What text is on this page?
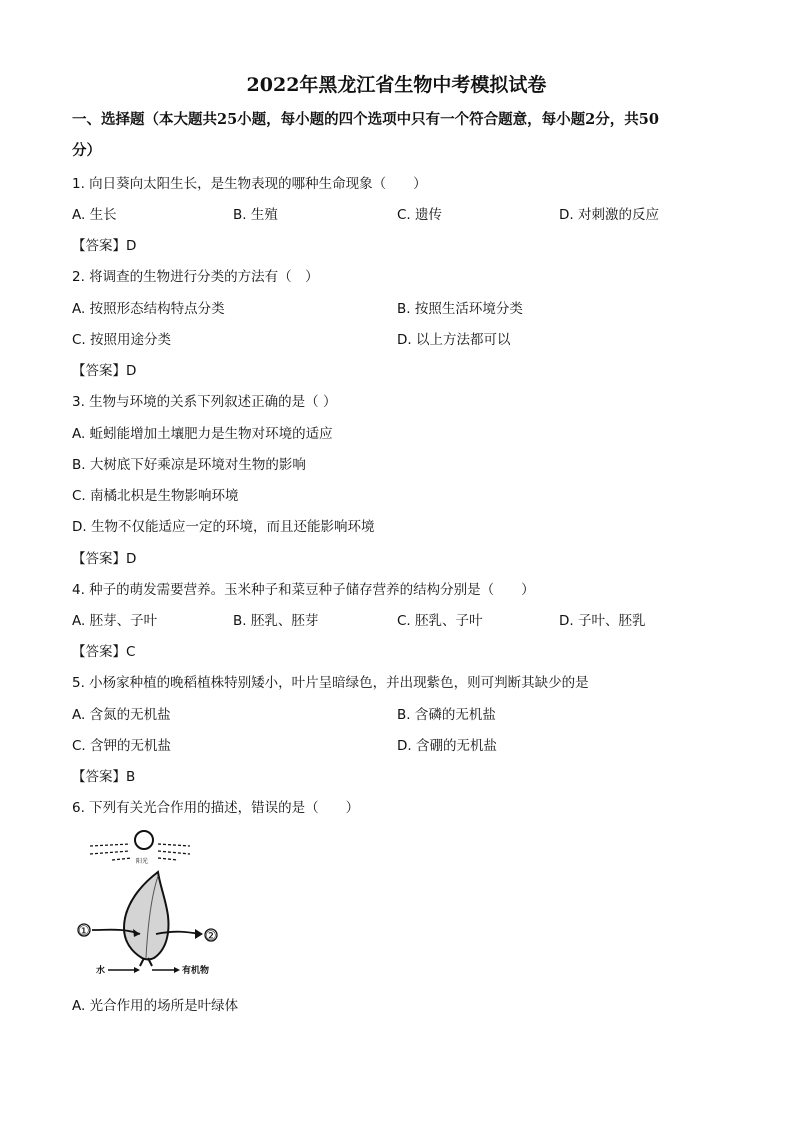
2022年黑龙江省生物中考模拟试卷
一、选择题（本大题共25小题，每小题的四个选项中只有一个符合题意，每小题2分，共50
分）
1. 向日葵向太阳生长，是生物表现的哪种生命现象（　　）
A. 生长	B. 生殖	C. 遗传	D. 对刺激的反应
【答案】D
2. 将调查的生物进行分类的方法有（　）
A. 按照形态结构特点分类	B. 按照生活环境分类
C. 按照用途分类	D. 以上方法都可以
【答案】D
3. 生物与环境的关系下列叙述正确的是（ ）
A. 蚯蚓能增加土壤肥力是生物对环境的适应
B. 大树底下好乘凉是环境对生物的影响
C. 南橘北枳是生物影响环境
D. 生物不仅能适应一定的环境，而且还能影响环境
【答案】D
4. 种子的萌发需要营养。玉米种子和菜豆种子储存营养的结构分别是（　　）
A. 胚芽、子叶	B. 胚乳、胚芽	C. 胚乳、子叶	D. 子叶、胚乳
【答案】C
5. 小杨家种植的晚稻植株特别矮小，叶片呈暗绿色，并出现紫色，则可判断其缺少的是
A. 含氮的无机盐	B. 含磷的无机盐
C. 含钾的无机盐	D. 含硼的无机盐
【答案】B
6. 下列有关光合作用的描述，错误的是（　　）
阳光
①	②
水	有机物
A. 光合作用的场所是叶绿体
